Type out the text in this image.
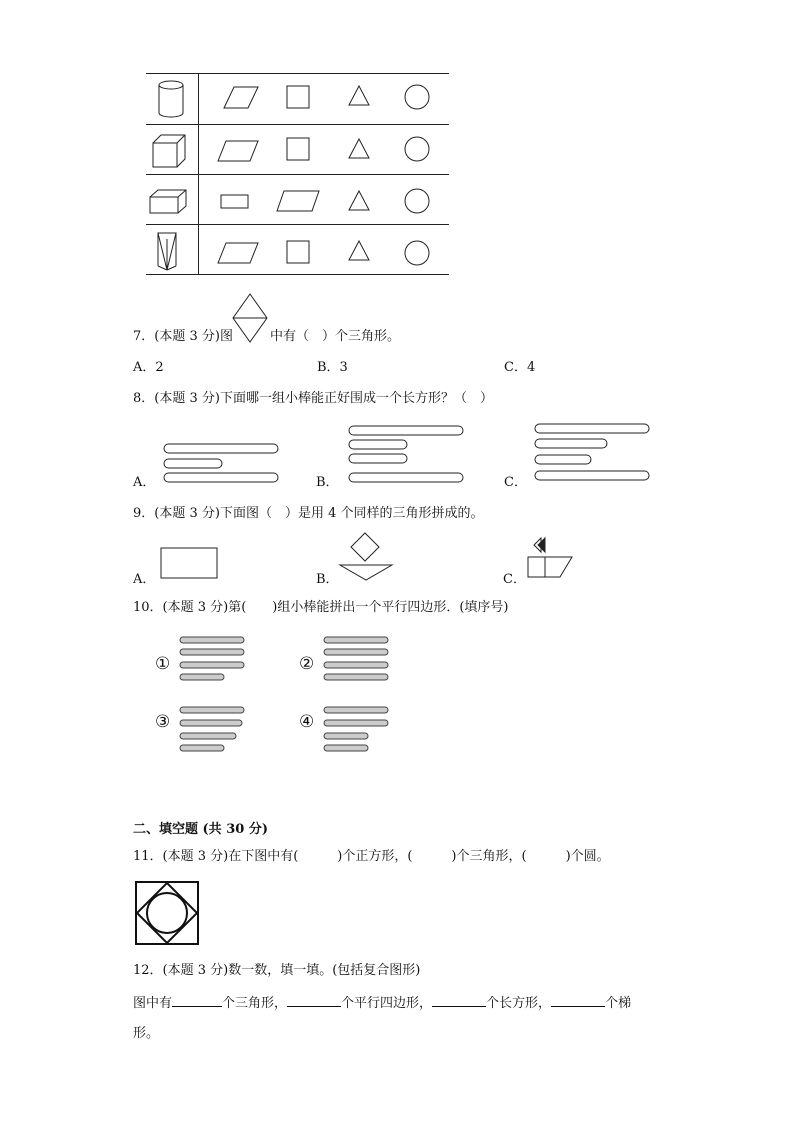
7．(本题 3 分)图	中有（　）个三角形。
A．2	B．3	C．4
8．(本题 3 分)下面哪一组小棒能正好围成一个长方形？（　）
A．	B．	C．
9．(本题 3 分)下面图（　）是用 4 个同样的三角形拼成的。
A．	B．	C．
10．(本题 3 分)第(　　)组小棒能拼出一个平行四边形．(填序号)
①	②
③	④
二、填空题 (共 30 分)
11．(本题 3 分)在下图中有(　　　)个正方形，(　　　)个三角形，(　　　)个圆。
12．(本题 3 分)数一数，填一填。(包括复合图形)
图中有	个三角形，	个平行四边形，	个长方形，	个梯
形。
